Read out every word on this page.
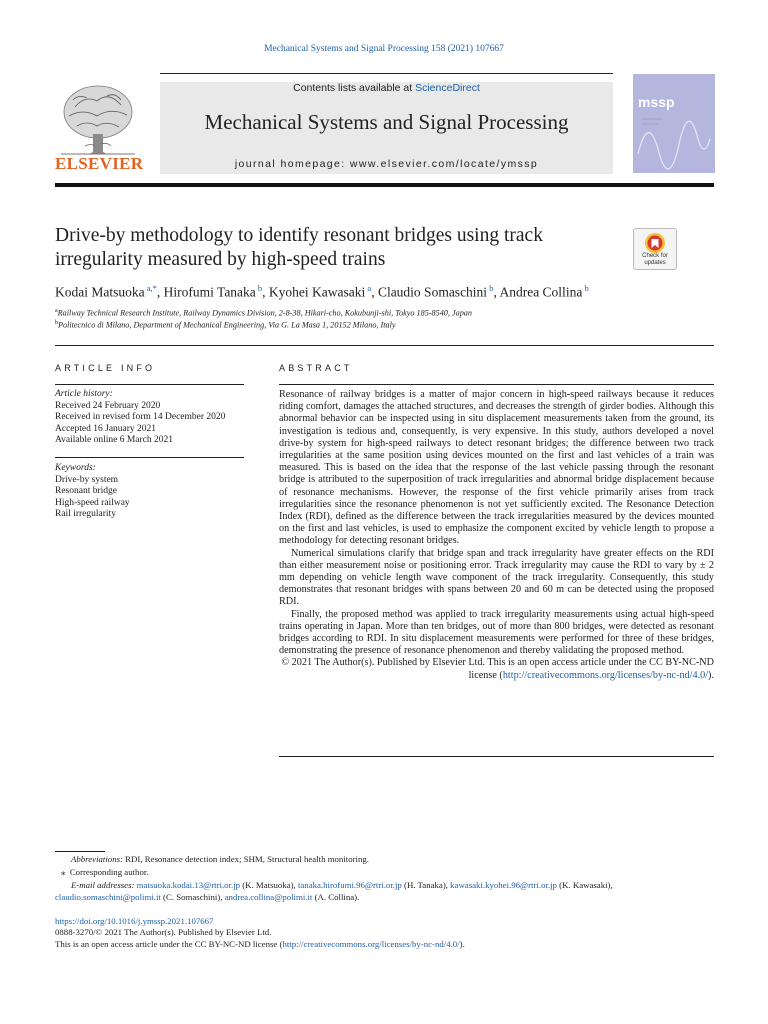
Mechanical Systems and Signal Processing 158 (2021) 107667
Contents lists available at ScienceDirect
Mechanical Systems and Signal Processing
journal homepage: www.elsevier.com/locate/ymssp
ELSEVIER
mssp
Drive-by methodology to identify resonant bridges using track irregularity measured by high-speed trains	Check for
updates
Kodai Matsuoka $^{a,*}$, Hirofumi Tanaka $^b$, Kyohei Kawasaki $^a$, Claudio Somaschini $^b$, Andrea Collina $^b$
$^a$Railway Technical Research Institute, Railway Dynamics Division, 2-8-38, Hikari-cho, Kokubunji-shi, Tokyo 185-8540, Japan
$^b$Politecnico di Milano, Department of Mechanical Engineering, Via G. La Masa 1, 20152 Milano, Italy
ARTICLE INFO
Article history:
Received 24 February 2020
Received in revised form 14 December 2020
Accepted 16 January 2021
Available online 6 March 2021
Keywords:
Drive-by system
Resonant bridge
High-speed railway
Rail irregularity
ABSTRACT

Resonance of railway bridges is a matter of major concern in high-speed railways because it reduces riding comfort, damages the attached structures, and decreases the strength of girder bodies. Although this abnormal behavior can be inspected using in situ displacement measurements taken from the ground, its investigation is tedious and, consequently, is very expensive. In this study, authors developed a novel drive-by system for high-speed railways to detect resonant bridges; the difference between two track irregularities at the same position using devices mounted on the first and last vehicles of a train was measured. This is based on the idea that the response of the last vehicle passing through the resonant bridge is attributed to the superposition of track irregularities and abnormal bridge displacement because of resonance mechanisms. However, the response of the first vehicle primarily arises from track irregularities since the resonance phenomenon is not yet sufficiently excited. The Resonance Detection Index (RDI), defined as the difference between the track irregularities measured by the devices mounted on the first and last vehicles, is used to emphasize the component excited by vehicle length to propose a methodology for detecting resonant bridges.

Numerical simulations clarify that bridge span and track irregularity have greater effects on the RDI than either measurement noise or positioning error. Track irregularity may cause the RDI to vary by ± 2 mm depending on vehicle length wave component of the track irregularity. Consequently, this study demonstrates that resonant bridges with spans between 20 and 60 m can be detected using the proposed RDI.

Finally, the proposed method was applied to track irregularity measurements using actual high-speed trains operating in Japan. More than ten bridges, out of more than 800 bridges, were detected as resonant bridges according to RDI. In situ displacement measurements were performed for three of these bridges, demonstrating the presence of resonance phenomenon and thereby validating the proposed method.

© 2021 The Author(s). Published by Elsevier Ltd. This is an open access article under the CC BY-NC-ND license (http://creativecommons.org/licenses/by-nc-nd/4.0/).

Abbreviations: RDI, Resonance detection index; SHM, Structural health monitoring.
⁎ Corresponding author.
E-mail addresses: matsuoka.kodai.13@rtri.or.jp (K. Matsuoka), tanaka.hirofumi.96@rtri.or.jp (H. Tanaka), kawasaki.kyohei.96@rtri.or.jp (K. Kawasaki),
claudio.somaschini@polimi.it (C. Somaschini), andrea.collina@polimi.it (A. Collina).
https://doi.org/10.1016/j.ymssp.2021.107667
0888-3270/© 2021 The Author(s). Published by Elsevier Ltd.
This is an open access article under the CC BY-NC-ND license (http://creativecommons.org/licenses/by-nc-nd/4.0/).
